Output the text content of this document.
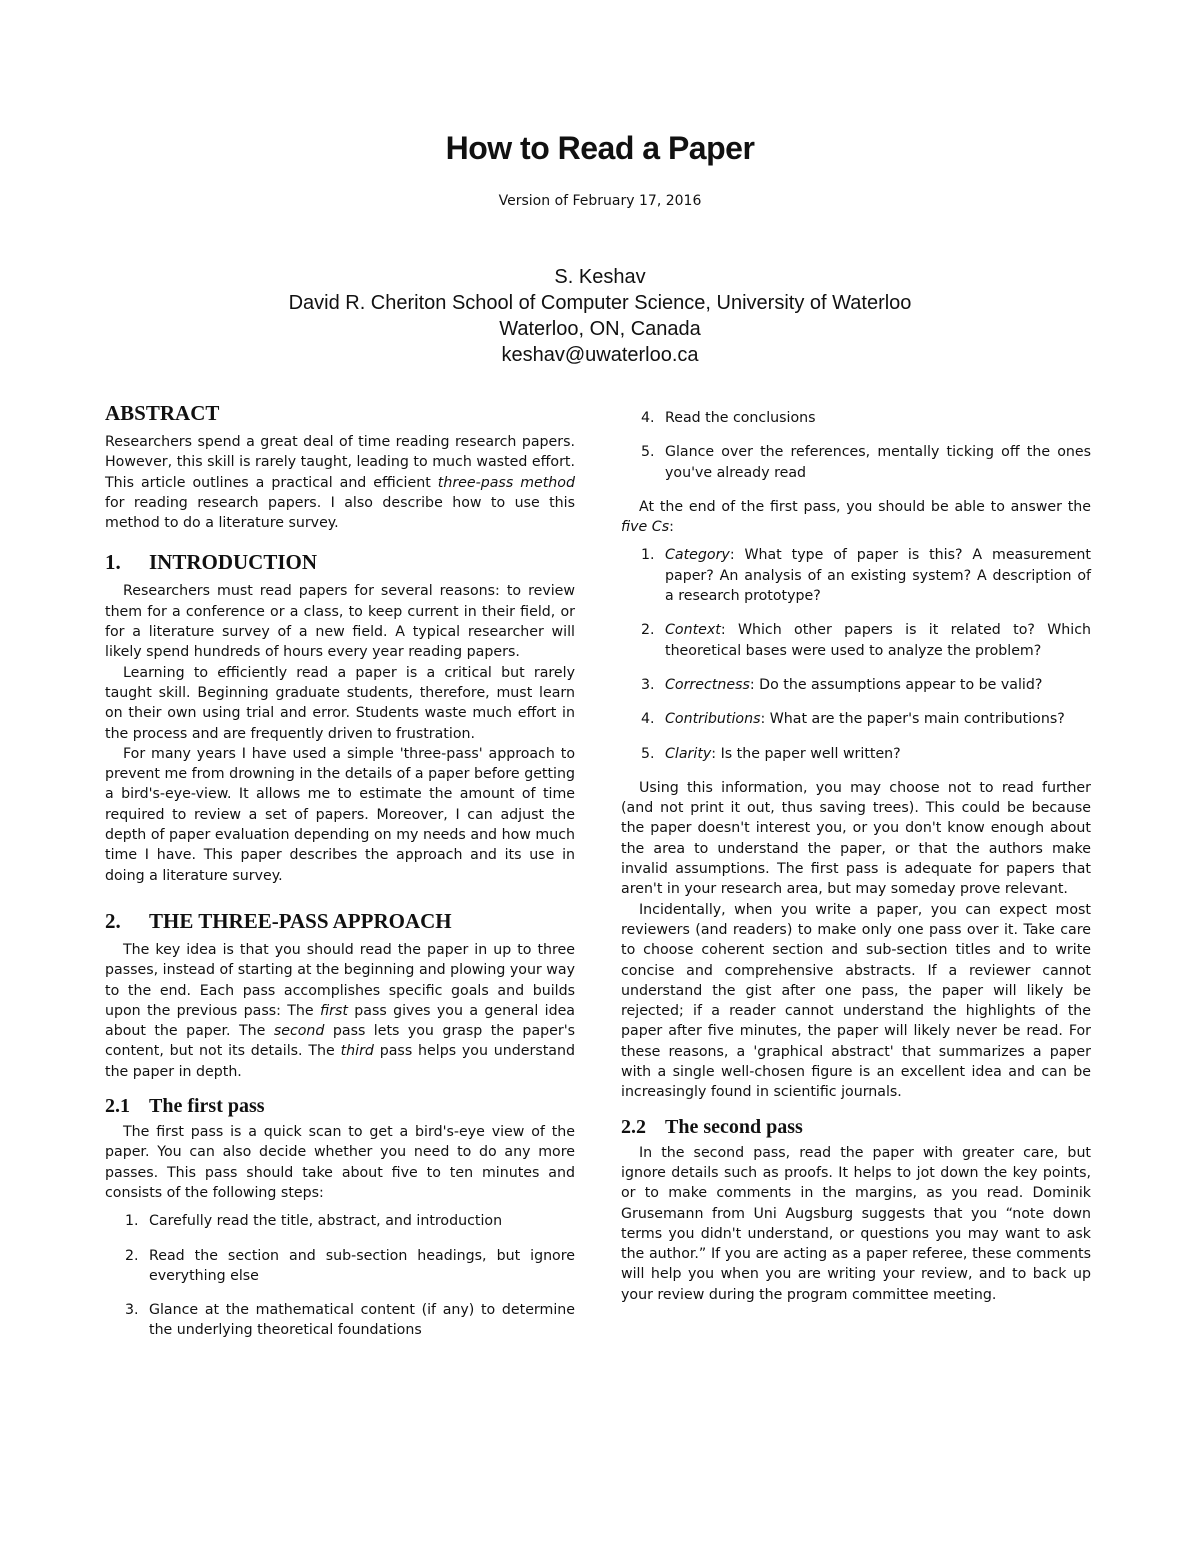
How to Read a Paper
Version of February 17, 2016
S. Keshav
David R. Cheriton School of Computer Science, University of Waterloo
Waterloo, ON, Canada
keshav@uwaterloo.ca
ABSTRACT

Researchers spend a great deal of time reading research papers. However, this skill is rarely taught, leading to much wasted effort. This article outlines a practical and efficient three-pass method for reading research papers. I also describe how to use this method to do a literature survey.

1. INTRODUCTION

Researchers must read papers for several reasons: to review them for a conference or a class, to keep current in their field, or for a literature survey of a new field. A typical researcher will likely spend hundreds of hours every year reading papers.

Learning to efficiently read a paper is a critical but rarely taught skill. Beginning graduate students, therefore, must learn on their own using trial and error. Students waste much effort in the process and are frequently driven to frustration.

For many years I have used a simple 'three-pass' approach to prevent me from drowning in the details of a paper before getting a bird's-eye-view. It allows me to estimate the amount of time required to review a set of papers. Moreover, I can adjust the depth of paper evaluation depending on my needs and how much time I have. This paper describes the approach and its use in doing a literature survey.

2. THE THREE-PASS APPROACH

The key idea is that you should read the paper in up to three passes, instead of starting at the beginning and plowing your way to the end. Each pass accomplishes specific goals and builds upon the previous pass: The first pass gives you a general idea about the paper. The second pass lets you grasp the paper's content, but not its details. The third pass helps you understand the paper in depth.

2.1 The first pass

The first pass is a quick scan to get a bird's-eye view of the paper. You can also decide whether you need to do any more passes. This pass should take about five to ten minutes and consists of the following steps:

1. Carefully read the title, abstract, and introduction
2. Read the section and sub-section headings, but ignore everything else
3. Glance at the mathematical content (if any) to determine the underlying theoretical foundations
4. Read the conclusions
5. Glance over the references, mentally ticking off the ones you've already read

At the end of the first pass, you should be able to answer the five Cs:

1. Category: What type of paper is this? A measurement paper? An analysis of an existing system? A description of a research prototype?
2. Context: Which other papers is it related to? Which theoretical bases were used to analyze the problem?
3. Correctness: Do the assumptions appear to be valid?
4. Contributions: What are the paper's main contributions?
5. Clarity: Is the paper well written?

Using this information, you may choose not to read further (and not print it out, thus saving trees). This could be because the paper doesn't interest you, or you don't know enough about the area to understand the paper, or that the authors make invalid assumptions. The first pass is adequate for papers that aren't in your research area, but may someday prove relevant.

Incidentally, when you write a paper, you can expect most reviewers (and readers) to make only one pass over it. Take care to choose coherent section and sub-section titles and to write concise and comprehensive abstracts. If a reviewer cannot understand the gist after one pass, the paper will likely be rejected; if a reader cannot understand the highlights of the paper after five minutes, the paper will likely never be read. For these reasons, a 'graphical abstract' that summarizes a paper with a single well-chosen figure is an excellent idea and can be increasingly found in scientific journals.

2.2 The second pass

In the second pass, read the paper with greater care, but ignore details such as proofs. It helps to jot down the key points, or to make comments in the margins, as you read. Dominik Grusemann from Uni Augsburg suggests that you “note down terms you didn't understand, or questions you may want to ask the author.” If you are acting as a paper referee, these comments will help you when you are writing your review, and to back up your review during the program committee meeting.
